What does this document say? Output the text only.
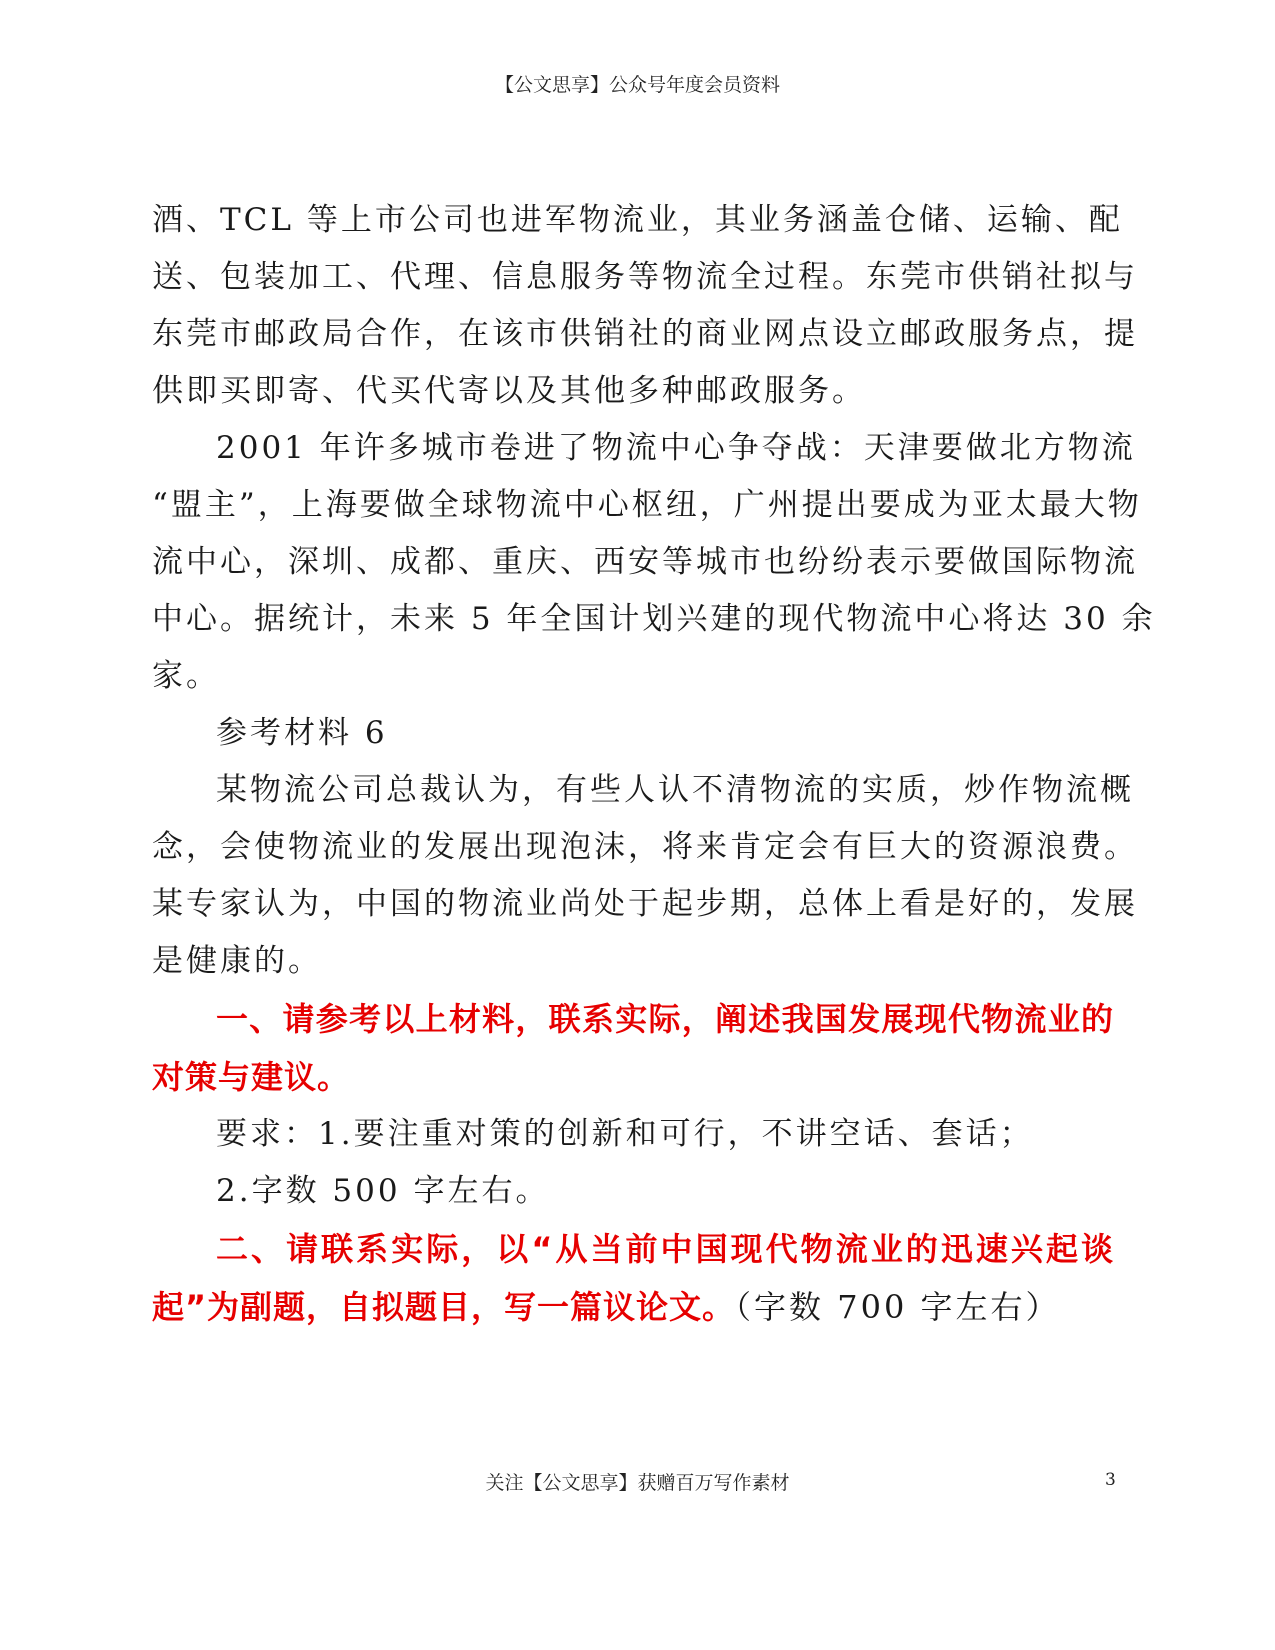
【公文思享】公众号年度会员资料
酒、TCL 等上市公司也进军物流业，其业务涵盖仓储、运输、配
送、包装加工、代理、信息服务等物流全过程。东莞市供销社拟与
东莞市邮政局合作，在该市供销社的商业网点设立邮政服务点，提
供即买即寄、代买代寄以及其他多种邮政服务。
2001 年许多城市卷进了物流中心争夺战：天津要做北方物流
“盟主”，上海要做全球物流中心枢纽，广州提出要成为亚太最大物
流中心，深圳、成都、重庆、西安等城市也纷纷表示要做国际物流
中心。据统计，未来 5 年全国计划兴建的现代物流中心将达 30 余
家。
参考材料 6
某物流公司总裁认为，有些人认不清物流的实质，炒作物流概
念，会使物流业的发展出现泡沫，将来肯定会有巨大的资源浪费。
某专家认为，中国的物流业尚处于起步期，总体上看是好的，发展
是健康的。
一、请参考以上材料，联系实际，阐述我国发展现代物流业的
对策与建议。
要求：1.要注重对策的创新和可行，不讲空话、套话；
2.字数 500 字左右。
二、请联系实际，以“从当前中国现代物流业的迅速兴起谈
起”为副题，自拟题目，写一篇议论文。（字数 700 字左右）
关注【公文思享】获赠百万写作素材	3
